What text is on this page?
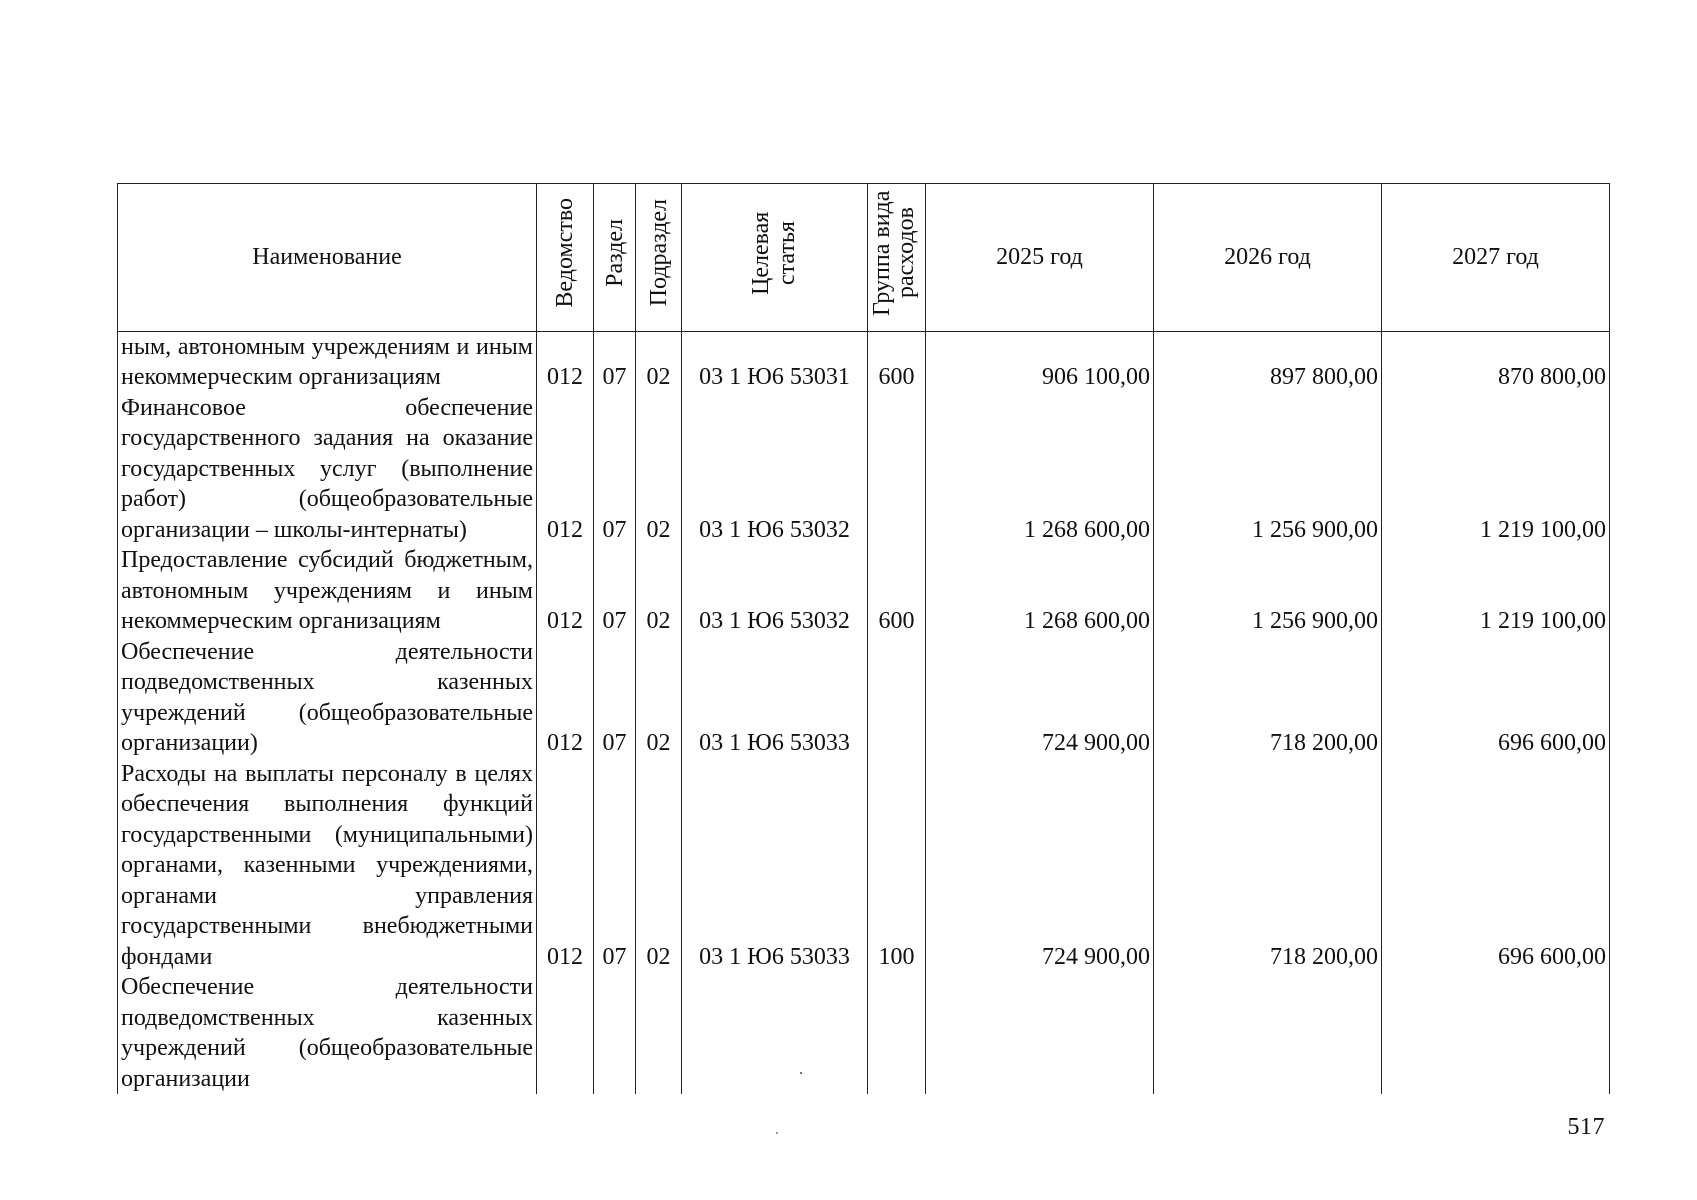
Наименование	Ведомство	Раздел	Подраздел	Целевая статья	Группа вида расходов	2025 год	2026 год	2027 год
ным, автономным учреждениям и иным некоммерческим организациям	012	07	02	03 1 Ю6 53031	600	906 100,00	897 800,00	870 800,00
Финансовое обеспечение государственного задания на оказание государственных услуг (выполнение работ) (общеобразовательные организации – школы-интернаты)	012	07	02	03 1 Ю6 53032		1 268 600,00	1 256 900,00	1 219 100,00
Предоставление субсидий бюджетным, автономным учреждениям и иным некоммерческим организациям	012	07	02	03 1 Ю6 53032	600	1 268 600,00	1 256 900,00	1 219 100,00
Обеспечение деятельности подведомственных казенных учреждений (общеобразовательные организации)	012	07	02	03 1 Ю6 53033		724 900,00	718 200,00	696 600,00
Расходы на выплаты персоналу в целях обеспечения выполнения функций государственными (муниципальными) органами, казенными учреждениями, органами управления государственными внебюджетными фондами	012	07	02	03 1 Ю6 53033	100	724 900,00	718 200,00	696 600,00
Обеспечение деятельности подведомственных казенных учреждений (общеобразовательные организации								
517
